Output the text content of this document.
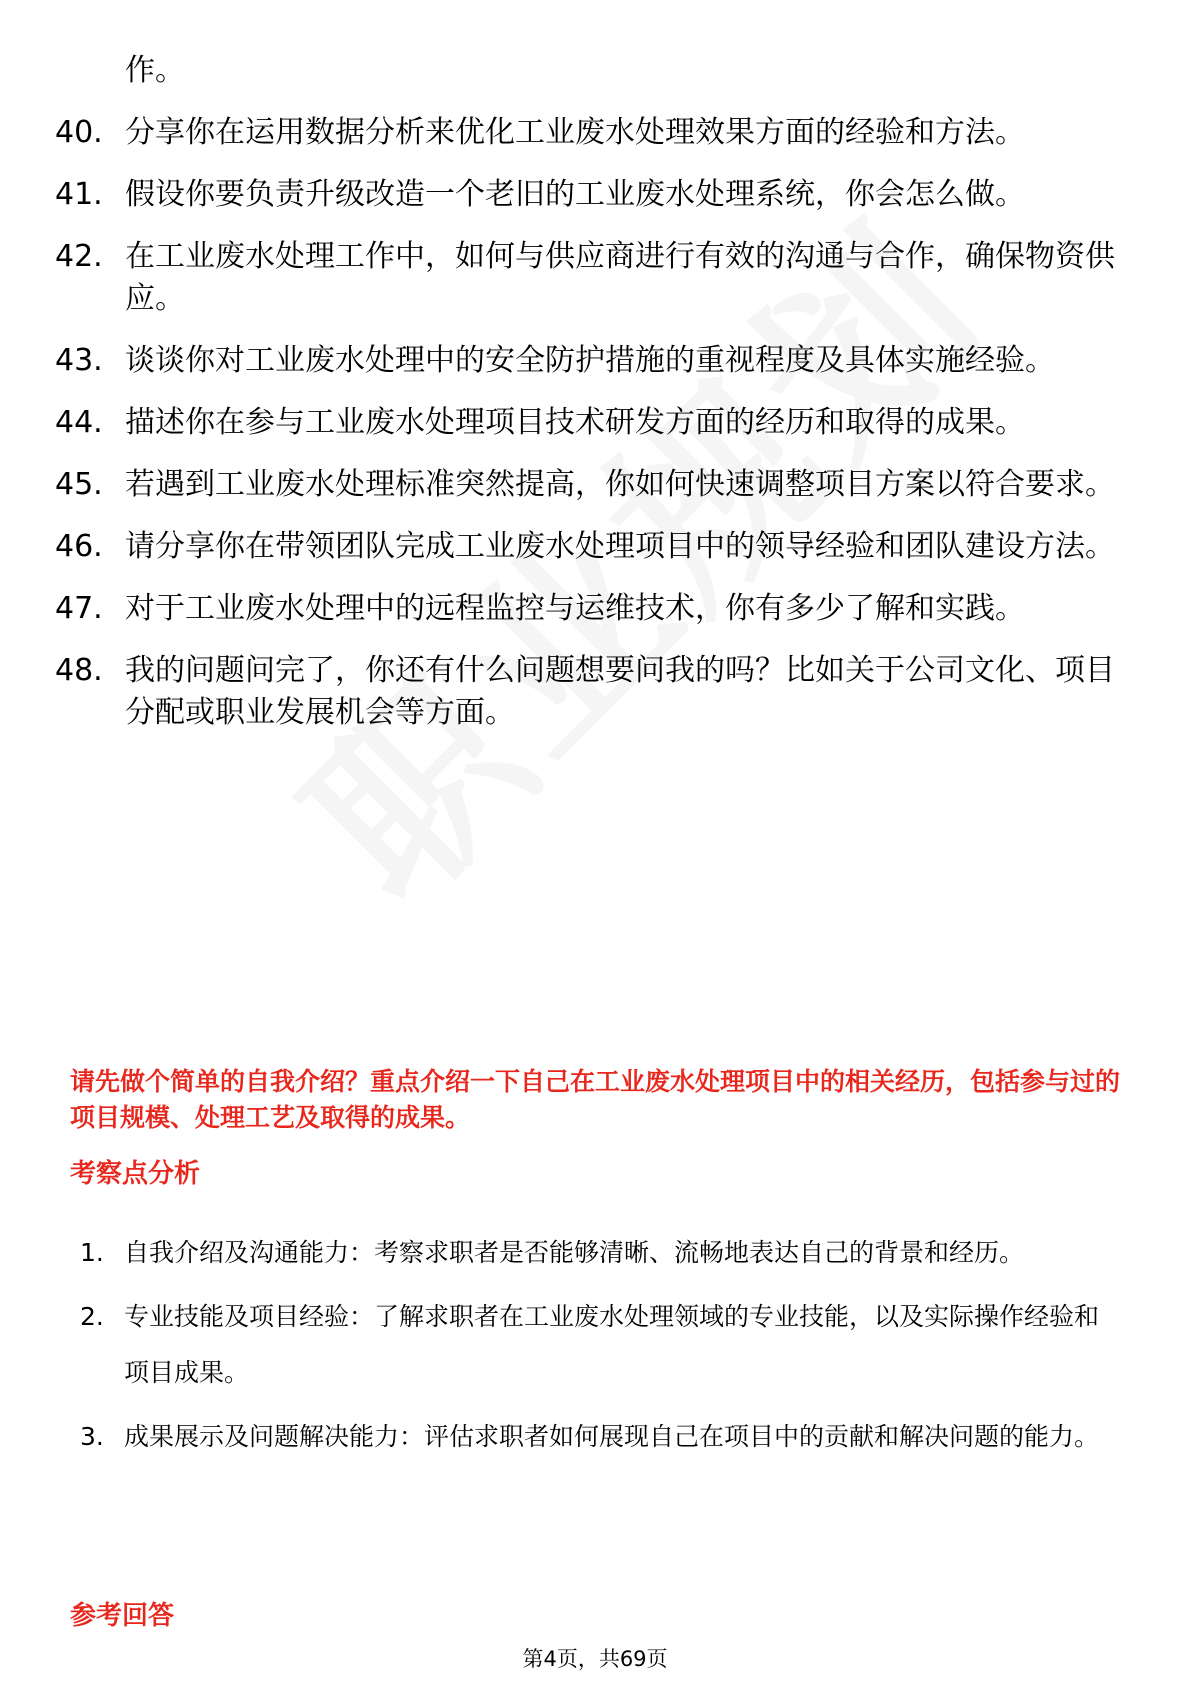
作。
40. 分享你在运用数据分析来优化工业废水处理效果方面的经验和方法。
41. 假设你要负责升级改造一个老旧的工业废水处理系统，你会怎么做。
42. 在工业废水处理工作中，如何与供应商进行有效的沟通与合作，确保物资供应。
43. 谈谈你对工业废水处理中的安全防护措施的重视程度及具体实施经验。
44. 描述你在参与工业废水处理项目技术研发方面的经历和取得的成果。
45. 若遇到工业废水处理标准突然提高，你如何快速调整项目方案以符合要求。
46. 请分享你在带领团队完成工业废水处理项目中的领导经验和团队建设方法。
47. 对于工业废水处理中的远程监控与运维技术，你有多少了解和实践。
48. 我的问题问完了，你还有什么问题想要问我的吗？比如关于公司文化、项目分配或职业发展机会等方面。
请先做个简单的自我介绍？重点介绍一下自己在工业废水处理项目中的相关经历，包括参与过的项目规模、处理工艺及取得的成果。
考察点分析
1. 自我介绍及沟通能力：考察求职者是否能够清晰、流畅地表达自己的背景和经历。
2. 专业技能及项目经验：了解求职者在工业废水处理领域的专业技能，以及实际操作经验和项目成果。
3. 成果展示及问题解决能力：评估求职者如何展现自己在项目中的贡献和解决问题的能力。
参考回答
第4页，共69页
